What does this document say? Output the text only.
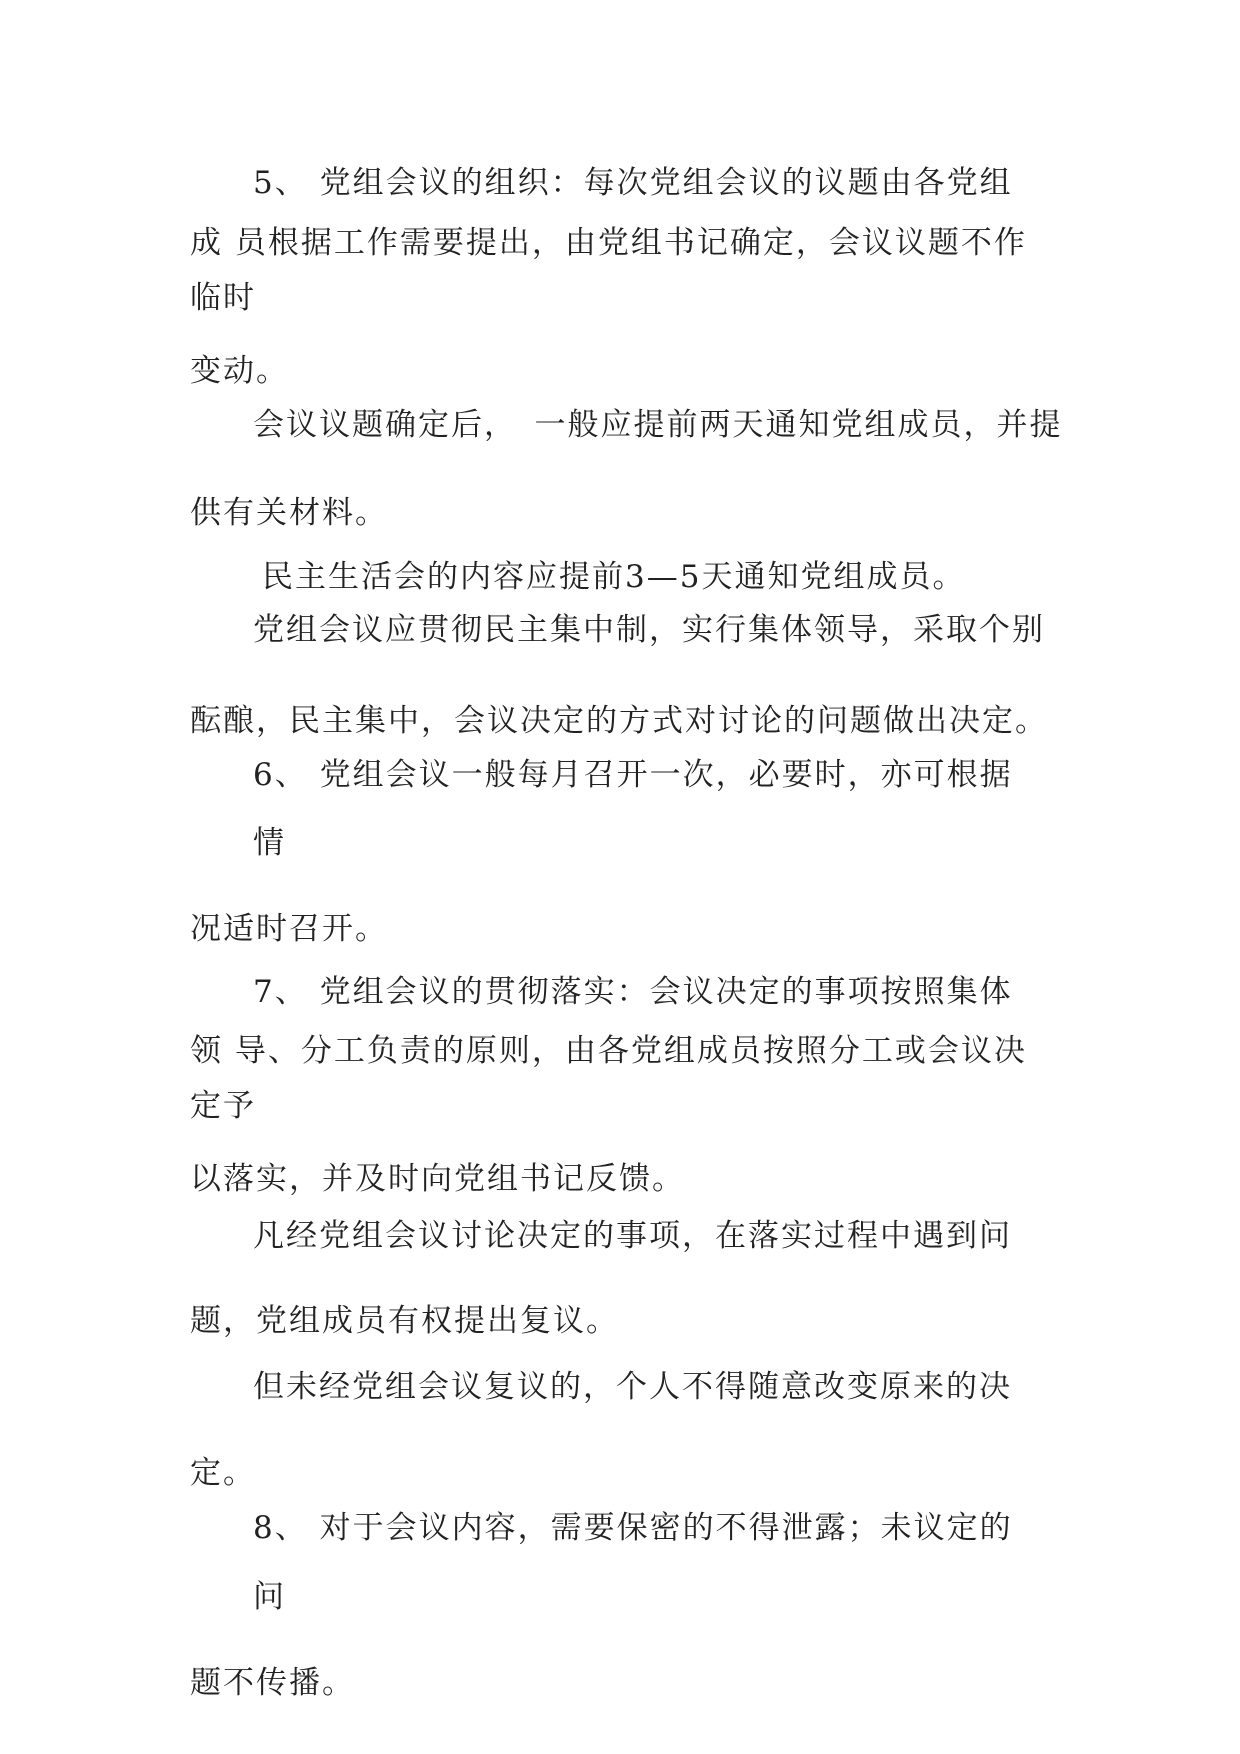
5、 党组会议的组织：每次党组会议的议题由各党组

成 员根据工作需要提出，由党组书记确定，会议议题不作

临时

变动。

会议议题确定后，　一般应提前两天通知党组成员，并提

供有关材料。

民主生活会的内容应提前3—5天通知党组成员。

党组会议应贯彻民主集中制，实行集体领导，采取个别

酝酿，民主集中，会议决定的方式对讨论的问题做出决定。

6、 党组会议一般每月召开一次，必要时，亦可根据

情

况适时召开。

7、 党组会议的贯彻落实：会议决定的事项按照集体

领 导、分工负责的原则，由各党组成员按照分工或会议决

定予

以落实，并及时向党组书记反馈。

凡经党组会议讨论决定的事项，在落实过程中遇到问

题，党组成员有权提出复议。

但未经党组会议复议的，个人不得随意改变原来的决

定。

8、 对于会议内容，需要保密的不得泄露；未议定的

问

题不传播。
